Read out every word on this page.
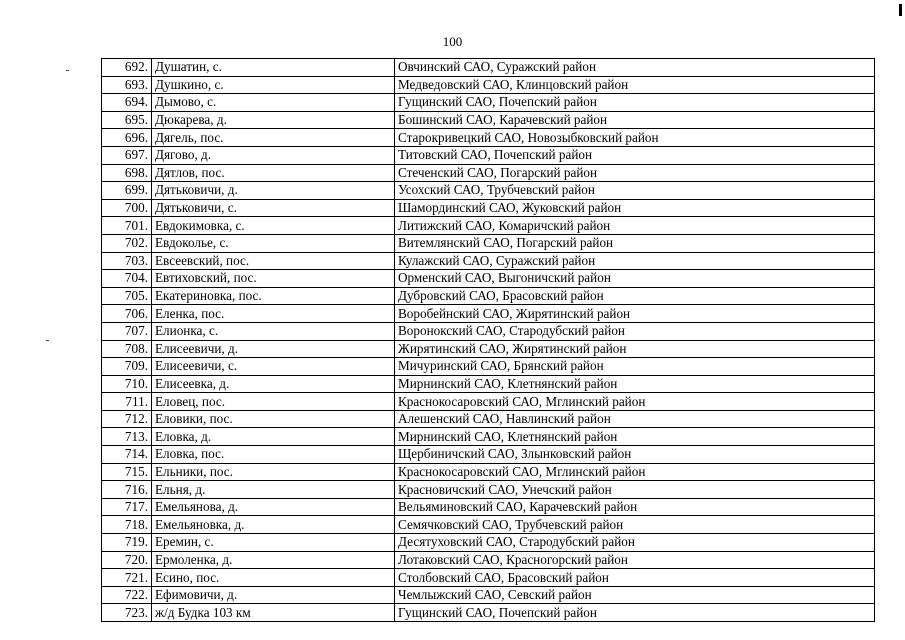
100
692.	Душатин, с.	Овчинский САО, Суражский район
693.	Душкино, с.	Медведовский САО, Клинцовский район
694.	Дымово, с.	Гущинский САО, Почепский район
695.	Дюкарева, д.	Бошинский САО, Карачевский район
696.	Дягель, пос.	Старокривецкий САО, Новозыбковский район
697.	Дягово, д.	Титовский САО, Почепский район
698.	Дятлов, пос.	Стеченский САО, Погарский район
699.	Дятьковичи, д.	Усохский САО, Трубчевский район
700.	Дятьковичи, с.	Шамординский САО, Жуковский район
701.	Евдокимовка, с.	Литижский САО, Комаричский район
702.	Евдоколье, с.	Витемлянский САО, Погарский район
703.	Евсеевский, пос.	Кулажский САО, Суражский район
704.	Евтиховский, пос.	Орменский САО, Выгоничский район
705.	Екатериновка, пос.	Дубровский САО, Брасовский район
706.	Еленка, пос.	Воробейнский САО, Жирятинский район
707.	Елионка, с.	Воронокский САО, Стародубский район
708.	Елисеевичи, д.	Жирятинский САО, Жирятинский район
709.	Елисеевичи, с.	Мичуринский САО, Брянский район
710.	Елисеевка, д.	Мирнинский САО, Клетнянский район
711.	Еловец, пос.	Краснокосаровский САО, Мглинский район
712.	Еловики, пос.	Алешенский САО, Навлинский район
713.	Еловка, д.	Мирнинский САО, Клетнянский район
714.	Еловка, пос.	Щербиничский САО, Злынковский район
715.	Ельники, пос.	Краснокосаровский САО, Мглинский район
716.	Ельня, д.	Красновичский САО, Унечский район
717.	Емельянова, д.	Вельяминовский САО, Карачевский район
718.	Емельяновка, д.	Семячковский САО, Трубчевский район
719.	Еремин, с.	Десятуховский САО, Стародубский район
720.	Ермоленка, д.	Лотаковский САО, Красногорский район
721.	Есино, пос.	Столбовский САО, Брасовский район
722.	Ефимовичи, д.	Чемлыжский САО, Севский район
723.	ж/д Будка 103 км	Гущинский САО, Почепский район
